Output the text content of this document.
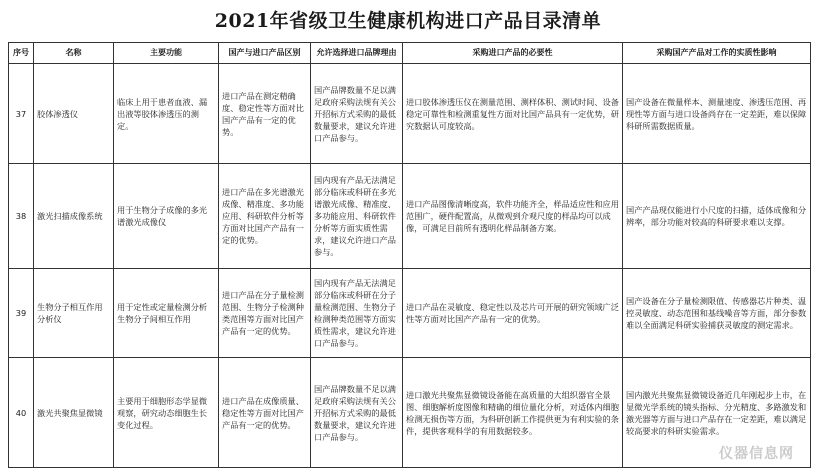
2021年省级卫生健康机构进口产品目录清单
序号	名称	主要功能	国产与进口产品区别	允许选择进口品牌理由	采购进口产品的必要性	采购国产产品对工作的实质性影响
37	胶体渗透仪	临床上用于患者血液、漏出液等胶体渗透压的测定。	进口产品在测定精确度、稳定性等方面对比国产产品有一定的优势。	国产品牌数量不足以满足政府采购法规有关公开招标方式采购的最低数量要求，建议允许进口产品参与。	进口胶体渗透压仪在测量范围、测样体积、测试时间、设备稳定可靠性和检测重复性方面对比国产品具有一定优势，研究数据认可度较高。	国产设备在微量样本、测量速度、渗透压范围、再现性等方面与进口设备尚存在一定差距，难以保障科研所需数据质量。
38	激光扫描成像系统	用于生物分子成像的多光谱激光成像仪	进口产品在多光谱激光成像、精准度、多功能应用、科研软件分析等方面对比国产产品有一定的优势。	国内现有产品无法满足部分临床或科研在多光谱激光成像、精准度、多功能应用、科研软件分析等方面实质性需求，建议允许进口产品参与。	进口产品图像清晰度高，软件功能齐全，样品适应性和应用范围广，硬件配置高，从微观到介观尺度的样品均可以成像，可满足目前所有透明化样品制备方案。	国产产品现仅能进行小尺度的扫描，适体成像和分辨率，部分功能对较高的科研要求难以支撑。
39	生物分子相互作用分析仪	用于定性或定量检测分析生物分子间相互作用	进口产品在分子量检测范围、生物分子检测种类范围等方面对比国产产品有一定的优势。	国内现有产品无法满足部分临床或科研在分子量检测范围、生物分子检测种类范围等方面实质性需求，建议允许进口产品参与。	进口产品在灵敏度、稳定性以及芯片可开展的研究领域广泛性等方面对比国产产品有一定的优势。	国产设备在分子量检测限值、传感器芯片种类、温控灵敏度、动态范围和基线噪音等方面，部分参数难以全面满足科研实验捕获灵敏度的测定需求。
40	激光共聚焦显微镜	主要用于细胞形态学显微观察，研究动态细胞生长变化过程。	进口产品在成像质量、稳定性等方面对比国产产品有一定的优势。	国产品牌数量不足以满足政府采购法规有关公开招标方式采购的最低数量要求，建议允许进口产品参与。	进口激光共聚焦显微镜设备能在高质量的大组织器官全景图、细胞解析度图像和精确的细位量化分析，对适体内细胞检测无损伤等方面，为科研创新工作提供更为有利实验的条件，提供客观科学的有用数据较多。	国内激光共聚焦显微镜设备近几年刚起步上市，在显微光学系统的镜头指标、分光精度、多路激发和激光器等方面与进口产品存在一定差距，难以满足较高要求的科研实验需求。
仪器信息网
